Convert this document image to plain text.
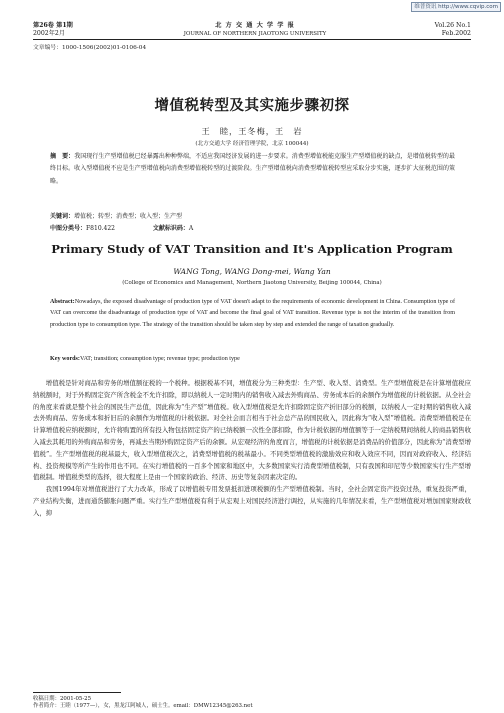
维普资讯 http://www.cqvip.com
第26卷 第1期
2002年2月
北 方 交 通 大 学 学 报
JOURNAL OF NORTHERN JIAOTONG UNIVERSITY
Vol.26 No.1
Feb.2002
文章编号：1000-1506(2002)01-0106-04
增值税转型及其实施步骤初探
王　睦，王冬梅，王　岩
(北方交通大学 经济管理学院，北京 100044)
摘　要：我国现行生产型增值税已经暴露出种种弊端，不适应我国经济发展的进一步要求。消费型增值税能克服生产型增值税的缺点，是增值税转型的最终目标。收入型增值税不应是生产型增值税向消费型增值税转型的过渡阶段。生产型增值税向消费型增值税转型应采取分步实施，逐步扩大征税范围的策略。
关键词：增值税；转型；消费型；收入型；生产型
中图分类号：F810.422	文献标识码：A
Primary Study of VAT Transition and It's Application Program
WANG Tong, WANG Dong-mei, Wang Yan
(College of Economics and Management, Northern Jiaotong University, Beijing 100044, China)
Abstract:Nowadays, the exposed disadvantage of production type of VAT doesn't adapt to the requirements of economic development in China. Consumption type of VAT can overcome the disadvantage of production type of VAT and become the final goal of VAT transition. Revenue type is not the interim of the transition from production type to consumption type. The strategy of the transition should be taken step by step and extended the range of taxation gradually.
Key words:VAT; transition; consumption type; revenue type; production type

增值税是针对商品和劳务的增值额征税的一个税种。根据税基不同，增值税分为三种类型：生产型、收入型、消费型。生产型增值税是在计算增值税应纳税额时，对于外购固定资产所含税金不允许扣除，即以纳税人一定时期内的销售收入减去外购商品、劳务成本后的余额作为增值税的计税依据。从全社会的角度来看就是整个社会的国民生产总值，因此称为“生产型”增值税。收入型增值税是允许扣除固定资产折旧部分的税额，以纳税人一定时期的销售收入减去外购商品、劳务成本和折旧后的余额作为增值税的计税依据。对全社会而言相当于社会总产品的国民收入，因此称为“收入型”增值税。消费型增值税是在计算增值税应纳税额时，允许将购置的所有投入物包括固定资产的已纳税额一次性全部扣除，作为计税依据的增值额等于一定纳税期间纳税人的商品销售收入减去其耗用的外购商品和劳务，再减去当期外购固定资产后的余额。从宏观经济的角度而言，增值税的计税依据是消费品的价值部分，因此称为“消费型增值税”。生产型增值税的税基最大，收入型增值税次之，消费型增值税的税基最小。不同类型增值税的激励效应和收入效应不同，因而对政府收入、经济结构、投资规模等所产生的作用也不同。在实行增值税的一百多个国家和地区中，大多数国家实行消费型增值税制，只有我国和印尼等少数国家实行生产型增值税制。增值税类型的选择，很大程度上是由一个国家的政治、经济、历史等复杂因素决定的。

我国1994年对增值税进行了大力改革，形成了以增值税专用发票抵扣进项税额的生产型增值税制。当时，全社会固定资产投资过热，重复投资严重，产业结构失衡，进而通货膨胀问题严重。实行生产型增值税有利于从宏观上对国民经济进行调控，从实施的几年情况来看，生产型增值税对增加国家财政收入，抑

收稿日期：2001-05-25
作者简介：王睦（1977—），女，黑龙江阿城人，硕士生。email：DMW12345@263.net
